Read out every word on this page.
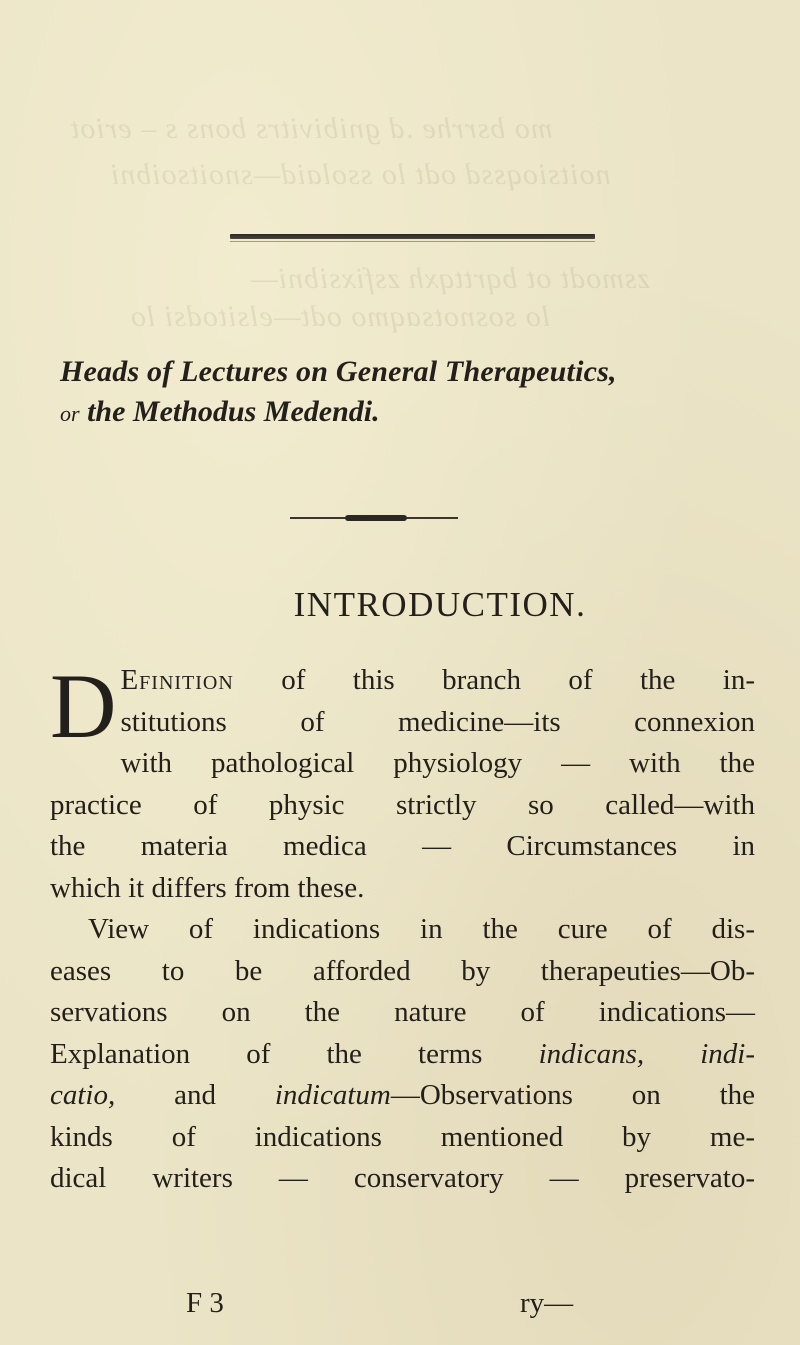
mo bsrrhe .d gnibivitrs bons s ‒ eriot
noitsioqssd odt lo ssolaid—snoitsoibni
zsmodt ot bqrttqxh zsfixsibni—
lo sosnotsaqmo odt—elsitodsi lo
Heads of Lectures on General Therapeutics,
or the Methodus Medendi.
INTRODUCTION.
D Efinition of this branch of the in-
stitutions of medicine—its connexion
with pathological physiology — with the
practice of physic strictly so called—with
the materia medica — Circumstances in
which it differs from these.
View of indications in the cure of dis-
eases to be afforded by therapeuties—Ob-
servations on the nature of indications—
Explanation of the terms indicans, indi-
catio, and indicatum—Observations on the
kinds of indications mentioned by me-
dical writers — conservatory — preservato-
F 3	ry—
